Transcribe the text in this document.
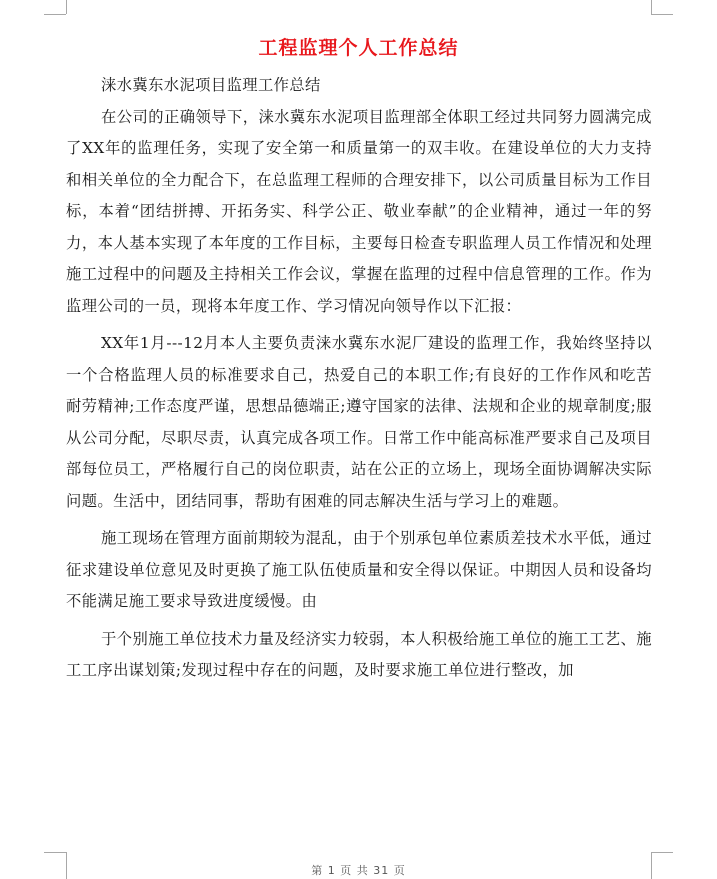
工程监理个人工作总结

涞水冀东水泥项目监理工作总结

在公司的正确领导下，涞水冀东水泥项目监理部全体职工经过共同努力圆满完成了XX年的监理任务，实现了安全第一和质量第一的双丰收。在建设单位的大力支持和相关单位的全力配合下，在总监理工程师的合理安排下，以公司质量目标为工作目标，本着“团结拼搏、开拓务实、科学公正、敬业奉献”的企业精神，通过一年的努力，本人基本实现了本年度的工作目标，主要每日检查专职监理人员工作情况和处理施工过程中的问题及主持相关工作会议，掌握在监理的过程中信息管理的工作。作为监理公司的一员，现将本年度工作、学习情况向领导作以下汇报：

XX年1月---12月本人主要负责涞水冀东水泥厂建设的监理工作，我始终坚持以一个合格监理人员的标准要求自己，热爱自己的本职工作;有良好的工作作风和吃苦耐劳精神;工作态度严谨，思想品德端正;遵守国家的法律、法规和企业的规章制度;服从公司分配，尽职尽责，认真完成各项工作。日常工作中能高标准严要求自己及项目部每位员工，严格履行自己的岗位职责，站在公正的立场上，现场全面协调解决实际问题。生活中，团结同事，帮助有困难的同志解决生活与学习上的难题。

施工现场在管理方面前期较为混乱，由于个别承包单位素质差技术水平低，通过征求建设单位意见及时更换了施工队伍使质量和安全得以保证。中期因人员和设备均不能满足施工要求导致进度缓慢。由

于个别施工单位技术力量及经济实力较弱，本人积极给施工单位的施工工艺、施工工序出谋划策;发现过程中存在的问题，及时要求施工单位进行整改，加

第 1 页 共 31 页
